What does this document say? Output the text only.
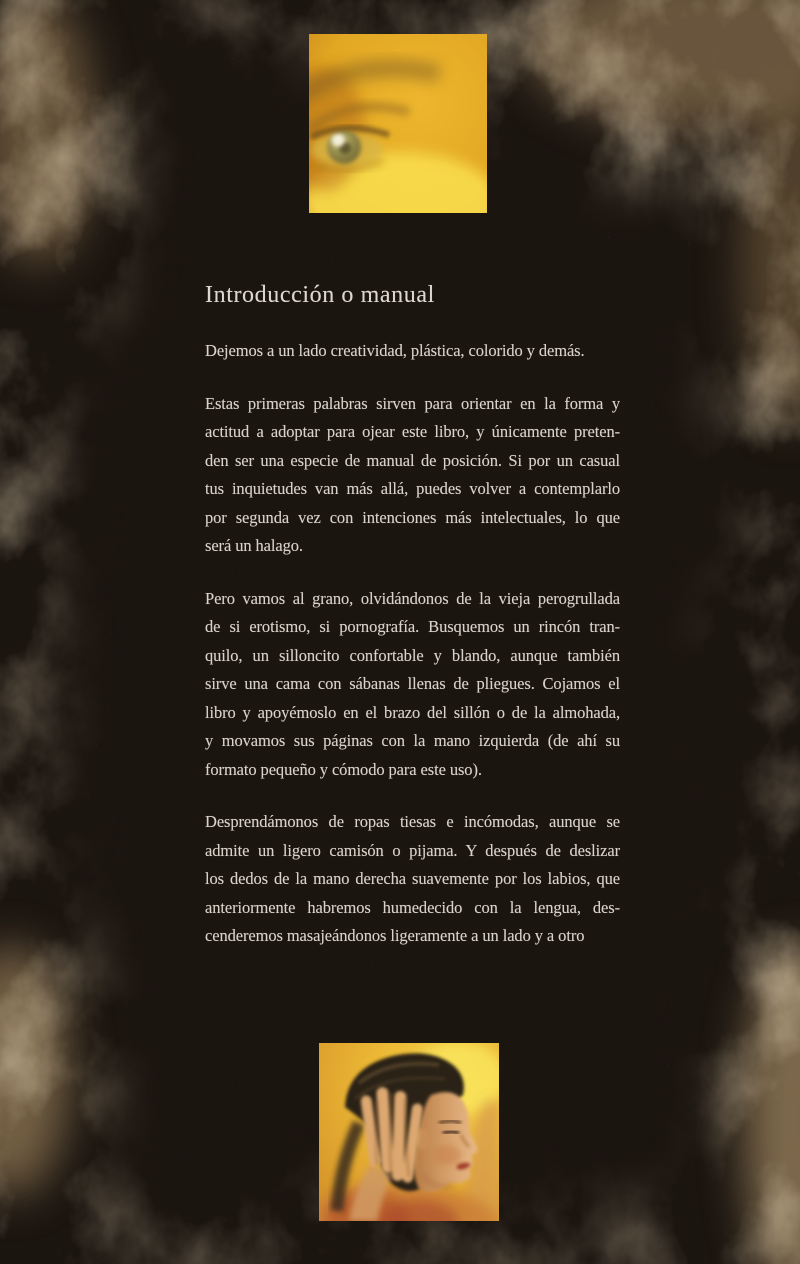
Introducción o manual
Dejemos a un lado creatividad, plástica, colorido y demás.
Estas primeras palabras sirven para orientar en la forma y
actitud a adoptar para ojear este libro, y únicamente preten-
den ser una especie de manual de posición. Si por un casual
tus inquietudes van más allá, puedes volver a contemplarlo
por segunda vez con intenciones más intelectuales, lo que
será un halago.
Pero vamos al grano, olvidándonos de la vieja perogrullada
de si erotismo, si pornografía. Busquemos un rincón tran-
quilo, un silloncito confortable y blando, aunque también
sirve una cama con sábanas llenas de pliegues. Cojamos el
libro y apoyémoslo en el brazo del sillón o de la almohada,
y movamos sus páginas con la mano izquierda (de ahí su
formato pequeño y cómodo para este uso).
Desprendámonos de ropas tiesas e incómodas, aunque se
admite un ligero camisón o pijama. Y después de deslizar
los dedos de la mano derecha suavemente por los labios, que
anteriormente habremos humedecido con la lengua, des-
cenderemos masajeándonos ligeramente a un lado y a otro
